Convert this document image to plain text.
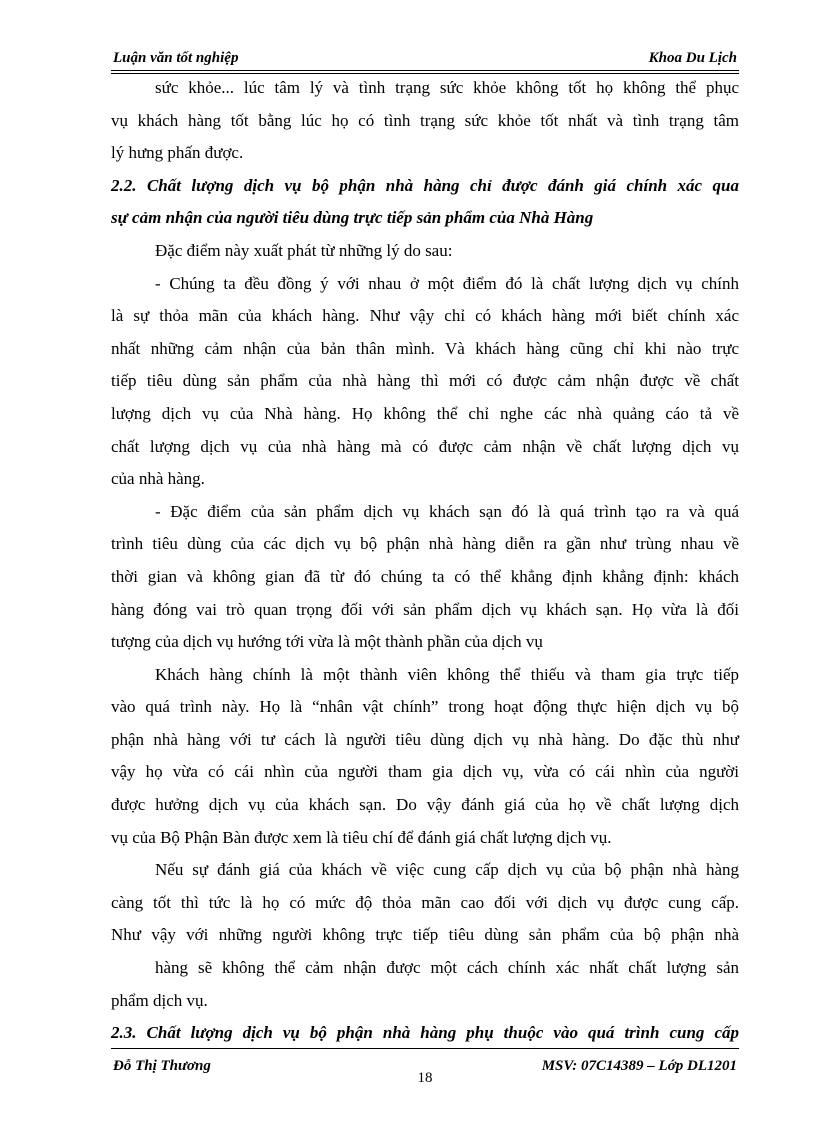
Luận văn tốt nghiệp	Khoa Du Lịch
sức khỏe... lúc tâm lý và tình trạng sức khỏe không tốt họ không thể phục
vụ khách hàng tốt bằng lúc họ có tình trạng sức khỏe tốt nhất và tình trạng tâm
lý hưng phấn được.
2.2. Chất lượng dịch vụ bộ phận nhà hàng chỉ được đánh giá chính xác qua
sự cảm nhận của người tiêu dùng trực tiếp sản phẩm của Nhà Hàng
Đặc điểm này xuất phát từ những lý do sau:
- Chúng ta đều đồng ý với nhau ở một điểm đó là chất lượng dịch vụ chính
là sự thỏa mãn của khách hàng. Như vậy chỉ có khách hàng mới biết chính xác
nhất những cảm nhận của bản thân mình. Và khách hàng cũng chỉ khi nào trực
tiếp tiêu dùng sản phẩm của nhà hàng thì mới có được cảm nhận được về chất
lượng dịch vụ của Nhà hàng. Họ không thể chỉ nghe các nhà quảng cáo tả về
chất lượng dịch vụ của nhà hàng mà có được cảm nhận về chất lượng dịch vụ
của nhà hàng.
- Đặc điểm của sản phẩm dịch vụ khách sạn đó là quá trình tạo ra và quá
trình tiêu dùng của các dịch vụ bộ phận nhà hàng diễn ra gần như trùng nhau về
thời gian và không gian đã từ đó chúng ta có thể khẳng định khẳng định: khách
hàng đóng vai trò quan trọng đối với sản phẩm dịch vụ khách sạn. Họ vừa là đối
tượng của dịch vụ hướng tới vừa là một thành phần của dịch vụ
Khách hàng chính là một thành viên không thể thiếu và tham gia trực tiếp
vào quá trình này. Họ là “nhân vật chính” trong hoạt động thực hiện dịch vụ bộ
phận nhà hàng với tư cách là người tiêu dùng dịch vụ nhà hàng. Do đặc thù như
vậy họ vừa có cái nhìn của người tham gia dịch vụ, vừa có cái nhìn của người
được hưởng dịch vụ của khách sạn. Do vậy đánh giá của họ về chất lượng dịch
vụ của Bộ Phận Bàn được xem là tiêu chí để đánh giá chất lượng dịch vụ.
Nếu sự đánh giá của khách về việc cung cấp dịch vụ của bộ phận nhà hàng
càng tốt thì tức là họ có mức độ thỏa mãn cao đối với dịch vụ được cung cấp.
Như vậy với những người không trực tiếp tiêu dùng sản phẩm của bộ phận nhà
hàng sẽ không thể cảm nhận được một cách chính xác nhất chất lượng sản
phẩm dịch vụ.
2.3. Chất lượng dịch vụ bộ phận nhà hàng phụ thuộc vào quá trình cung cấp
Đỗ Thị Thương
18
MSV: 07C14389 – Lớp DL1201
